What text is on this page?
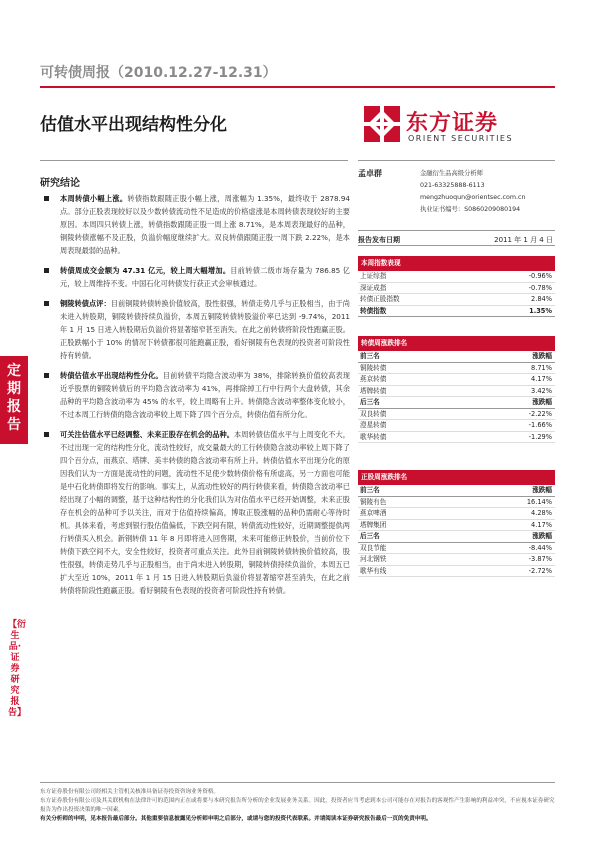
可转债周报（2010.12.27-12.31）
估值水平出现结构性分化	东方证券
ORIENT SECURITIES
研究结论
本周转债小幅上涨。转债指数跟随正股小幅上涨，周涨幅为 1.35%，最终收于 2878.94 点。部分正股表现较好以及少数转债流动性不足造成的价格虚涨是本周转债表现较好的主要原因。本周四只转债上涨，转债指数跟随正股一周上涨 8.71%，是本周表现最好的品种，铜陵转债涨幅不及正股，负溢价幅度继续扩大。双良转债跟随正股一周下跌 2.22%，是本周表现最弱的品种。
转债周成交金额为 47.31 亿元，较上周大幅增加。目前转债二级市场存量为 786.85 亿元，较上周维持不变。中国石化可转债发行获正式会审核通过。
铜陵转债点评：目前铜陵转债转换价值较高，股性很强，转债走势几乎与正股相当，由于尚未进入转股期，铜陵转债持续负溢价，本周五铜陵转债转股溢价率已达到 -9.74%，2011 年 1 月 15 日进入转股期后负溢价将显著缩窄甚至消失。在此之前转债将阶段性跑赢正股。正股跌幅小于 10% 的情况下转债都很可能跑赢正股，看好铜陵有色表现的投资者可阶段性持有转债。
转债估值水平出现结构性分化。目前转债平均隐含波动率为 38%，排除转换价值较高表现近乎股票的铜陵转债后的平均隐含波动率为 41%，再排除掉工行中行两个大盘转债，其余品种的平均隐含波动率为 45% 的水平，较上周略有上升。转债隐含波动率整体变化较小，不过本周工行转债的隐含波动率较上周下降了四个百分点，转债估值有所分化。
可关注估值水平已经调整、未来正股存在机会的品种。本周转债估值水平与上周变化不大，不过出现一定的结构性分化，流动性较好，成交量最大的工行转债隐含波动率较上周下降了四个百分点，而燕京、塔牌、美丰转债的隐含波动率有所上升。转债估值水平出现分化的原因我们认为一方面是流动性的问题，流动性不足使少数转债价格有所虚高，另一方面也可能是中石化转债即将发行的影响。事实上，从流动性较好的两行转债来看，转债隐含波动率已经出现了小幅的调整，基于这种结构性的分化我们认为对估值水平已经开始调整，未来正股存在机会的品种可予以关注，而对于估值持续偏高，博取正股涨幅的品种仍需耐心等待时机。具体来看，考虑到银行股估值偏低，下跌空间有限，转债流动性较好，近期调整提供两行转债买入机会。新钢转债 11 年 8 月即将进入回售期，未来可能修正转股价，当前价位下转债下跌空间不大，安全性较好，投资者可重点关注。此外目前铜陵转债转换价值较高，股性很强，转债走势几乎与正股相当，由于尚未进入转股期，铜陵转债持续负溢价，本周五已扩大至近 10%，2011 年 1 月 15 日进入转股期后负溢价将显著缩窄甚至消失，在此之前转债将阶段性跑赢正股。看好铜陵有色表现的投资者可阶段性持有转债。
定期报告
【衍生品·证券研究报告】
孟卓群	金融衍生品高级分析师
021-63325888-6113
mengzhuoqun@orientsec.com.cn
执业证书编号：S0860209080194
报告发布日期	2011 年 1 月 4 日
本周指数表现
上证综指	-0.96%
深证成指	-0.78%
转债正股指数	2.84%
转债指数	1.35%
转债周涨跌排名
前三名	涨跌幅
铜陵转债	8.71%
燕京转债	4.17%
塔牌转债	3.42%
后三名	涨跌幅
双良转债	-2.22%
澄星转债	-1.66%
歌华转债	-1.29%
正股周涨跌排名
前三名	涨跌幅
铜陵有色	16.14%
燕京啤酒	4.28%
塔牌集团	4.17%
后三名	涨跌幅
双良节能	-8.44%
河北钢铁	-3.87%
歌华有线	-2.72%
东方证券股份有限公司经相关主管机关核准具备证券投资咨询业务资格。
东方证券股份有限公司及其关联机构在法律许可的范围内正在或将要与本研究报告所分析的企业发展业务关系。因此，投资者应当考虑到本公司可能存在对报告的客观性产生影响的利益冲突，不应视本证券研究报告为作出投资决策的唯一因素。
有关分析师的申明，见本报告最后部分。其他重要信息披露见分析师申明之后部分，或请与您的投资代表联系。并请阅读本证券研究报告最后一页的免责申明。
